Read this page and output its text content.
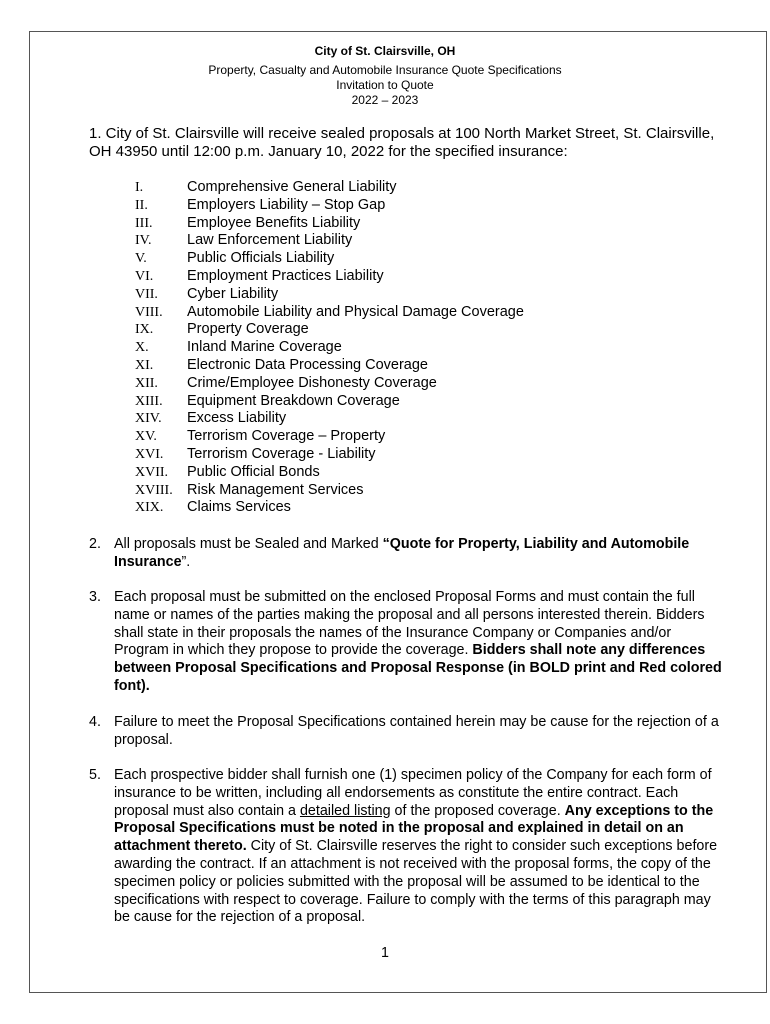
City of St. Clairsville, OH
Property, Casualty and Automobile Insurance Quote Specifications
Invitation to Quote
2022 – 2023
1. City of St. Clairsville will receive sealed proposals at 100 North Market Street, St. Clairsville, OH 43950 until 12:00 p.m. January 10, 2022 for the specified insurance:
I.	Comprehensive General Liability
II.	Employers Liability – Stop Gap
III.	Employee Benefits Liability
IV.	Law Enforcement Liability
V.	Public Officials Liability
VI.	Employment Practices Liability
VII.	Cyber Liability
VIII.	Automobile Liability and Physical Damage Coverage
IX.	Property Coverage
X.	Inland Marine Coverage
XI.	Electronic Data Processing Coverage
XII.	Crime/Employee Dishonesty Coverage
XIII.	Equipment Breakdown Coverage
XIV.	Excess Liability
XV.	Terrorism Coverage – Property
XVI.	Terrorism Coverage - Liability
XVII.	Public Official Bonds
XVIII. Risk Management Services
XIX.	Claims Services
2. All proposals must be Sealed and Marked “Quote for Property, Liability and Automobile Insurance”.
3. Each proposal must be submitted on the enclosed Proposal Forms and must contain the full name or names of the parties making the proposal and all persons interested therein. Bidders shall state in their proposals the names of the Insurance Company or Companies and/or Program in which they propose to provide the coverage. Bidders shall note any differences between Proposal Specifications and Proposal Response (in BOLD print and Red colored font).
4. Failure to meet the Proposal Specifications contained herein may be cause for the rejection of a proposal.
5. Each prospective bidder shall furnish one (1) specimen policy of the Company for each form of insurance to be written, including all endorsements as constitute the entire contract. Each proposal must also contain a detailed listing of the proposed coverage. Any exceptions to the Proposal Specifications must be noted in the proposal and explained in detail on an attachment thereto. City of St. Clairsville reserves the right to consider such exceptions before awarding the contract. If an attachment is not received with the proposal forms, the copy of the specimen policy or policies submitted with the proposal will be assumed to be identical to the specifications with respect to coverage. Failure to comply with the terms of this paragraph may be cause for the rejection of a proposal.
1
